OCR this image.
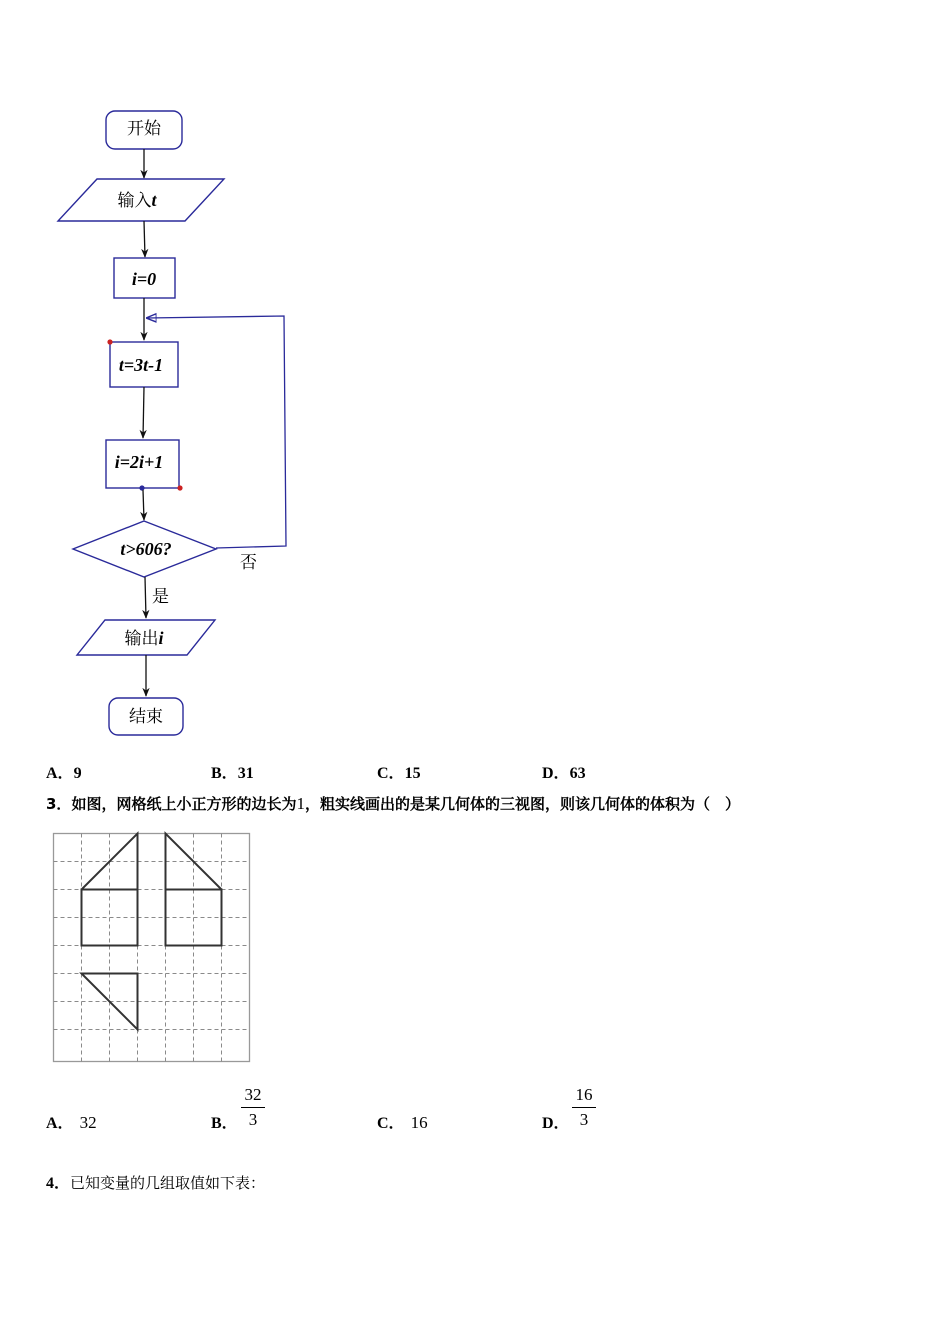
开始
输入t
i=0
t=3t-1
i=2i+1
t>606?
否
是
输出i
结束
A．9	B．31	C．15	D．63
3．如图，网格纸上小正方形的边长为1，粗实线画出的是某几何体的三视图，则该几何体的体积为（　）
A． 32	B． $\frac{32}{3}$	C． 16	D． $\frac{16}{3}$
4．已知变量的几组取值如下表：
